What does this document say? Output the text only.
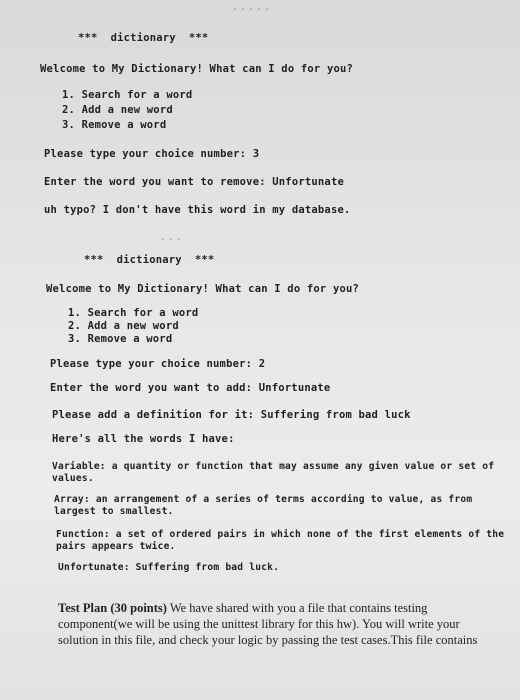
.....
***  dictionary  ***
Welcome to My Dictionary! What can I do for you?
1. Search for a word
2. Add a new word
3. Remove a word
Please type your choice number: 3
Enter the word you want to remove: Unfortunate
uh typo? I don't have this word in my database.
...
***  dictionary  ***
Welcome to My Dictionary! What can I do for you?
1. Search for a word
2. Add a new word
3. Remove a word
Please type your choice number: 2
Enter the word you want to add: Unfortunate
Please add a definition for it: Suffering from bad luck
Here's all the words I have:
Variable: a quantity or function that may assume any given value or set of
values.
Array: an arrangement of a series of terms according to value, as from
largest to smallest.
Function: a set of ordered pairs in which none of the first elements of the
pairs appears twice.
Unfortunate: Suffering from bad luck.
Test Plan (30 points) We have shared with you a file that contains testing component(we will be using the unittest library for this hw). You will write your solution in this file, and check your logic by passing the test cases.This file contains
